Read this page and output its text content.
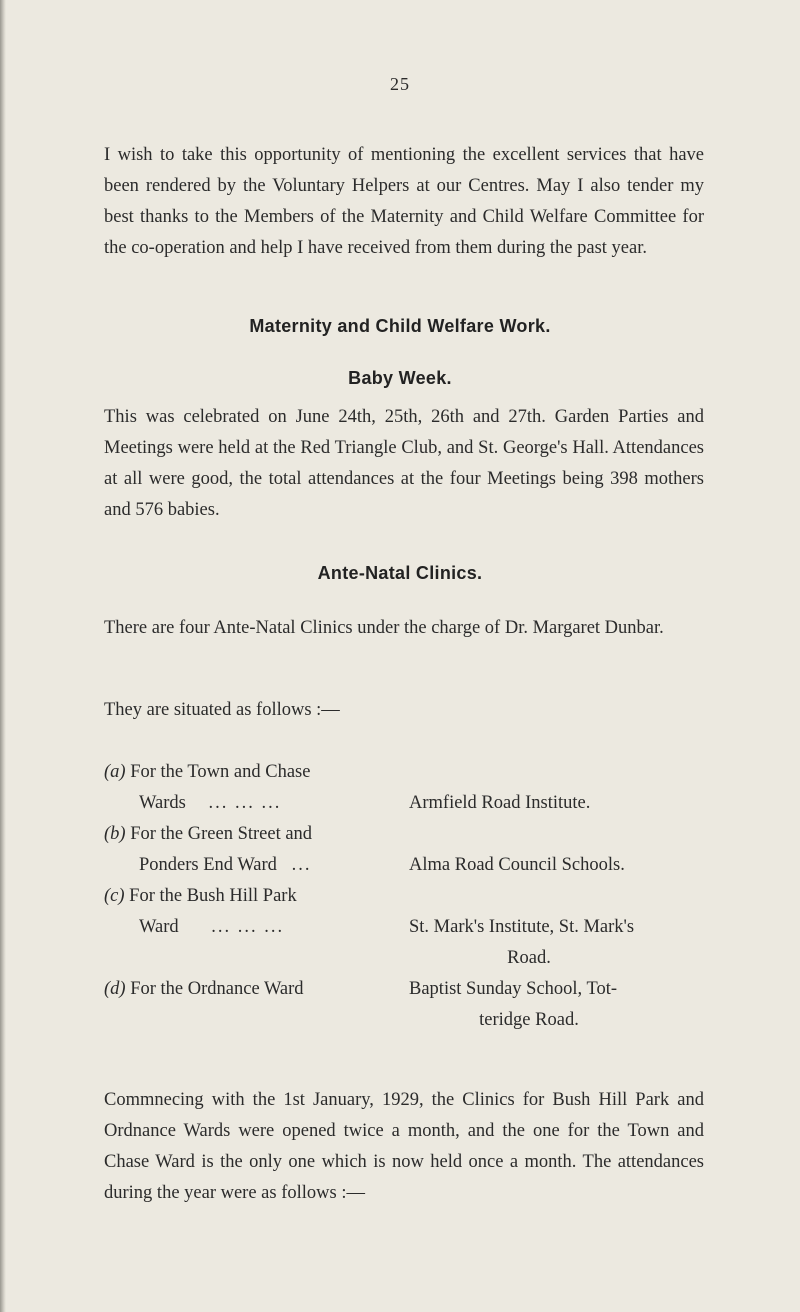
25
I wish to take this opportunity of mentioning the excellent services that have been rendered by the Voluntary Helpers at our Centres. May I also tender my best thanks to the Members of the Maternity and Child Welfare Committee for the co-operation and help I have received from them during the past year.
Maternity and Child Welfare Work.
Baby Week.
This was celebrated on June 24th, 25th, 26th and 27th. Garden Parties and Meetings were held at the Red Triangle Club, and St. George's Hall. Attendances at all were good, the total attendances at the four Meetings being 398 mothers and 576 babies.
Ante-Natal Clinics.
There are four Ante-Natal Clinics under the charge of Dr. Margaret Dunbar.
They are situated as follows :—
(a) For the Town and Chase
Wards ... ... ...	Armfield Road Institute.
(b) For the Green Street and
Ponders End Ward ...	Alma Road Council Schools.
(c) For the Bush Hill Park
Ward ... ... ...	St. Mark's Institute, St. Mark's
Road.
(d) For the Ordnance Ward	Baptist Sunday School, Tot-
teridge Road.
Commnecing with the 1st January, 1929, the Clinics for Bush Hill Park and Ordnance Wards were opened twice a month, and the one for the Town and Chase Ward is the only one which is now held once a month. The attendances during the year were as follows :—
